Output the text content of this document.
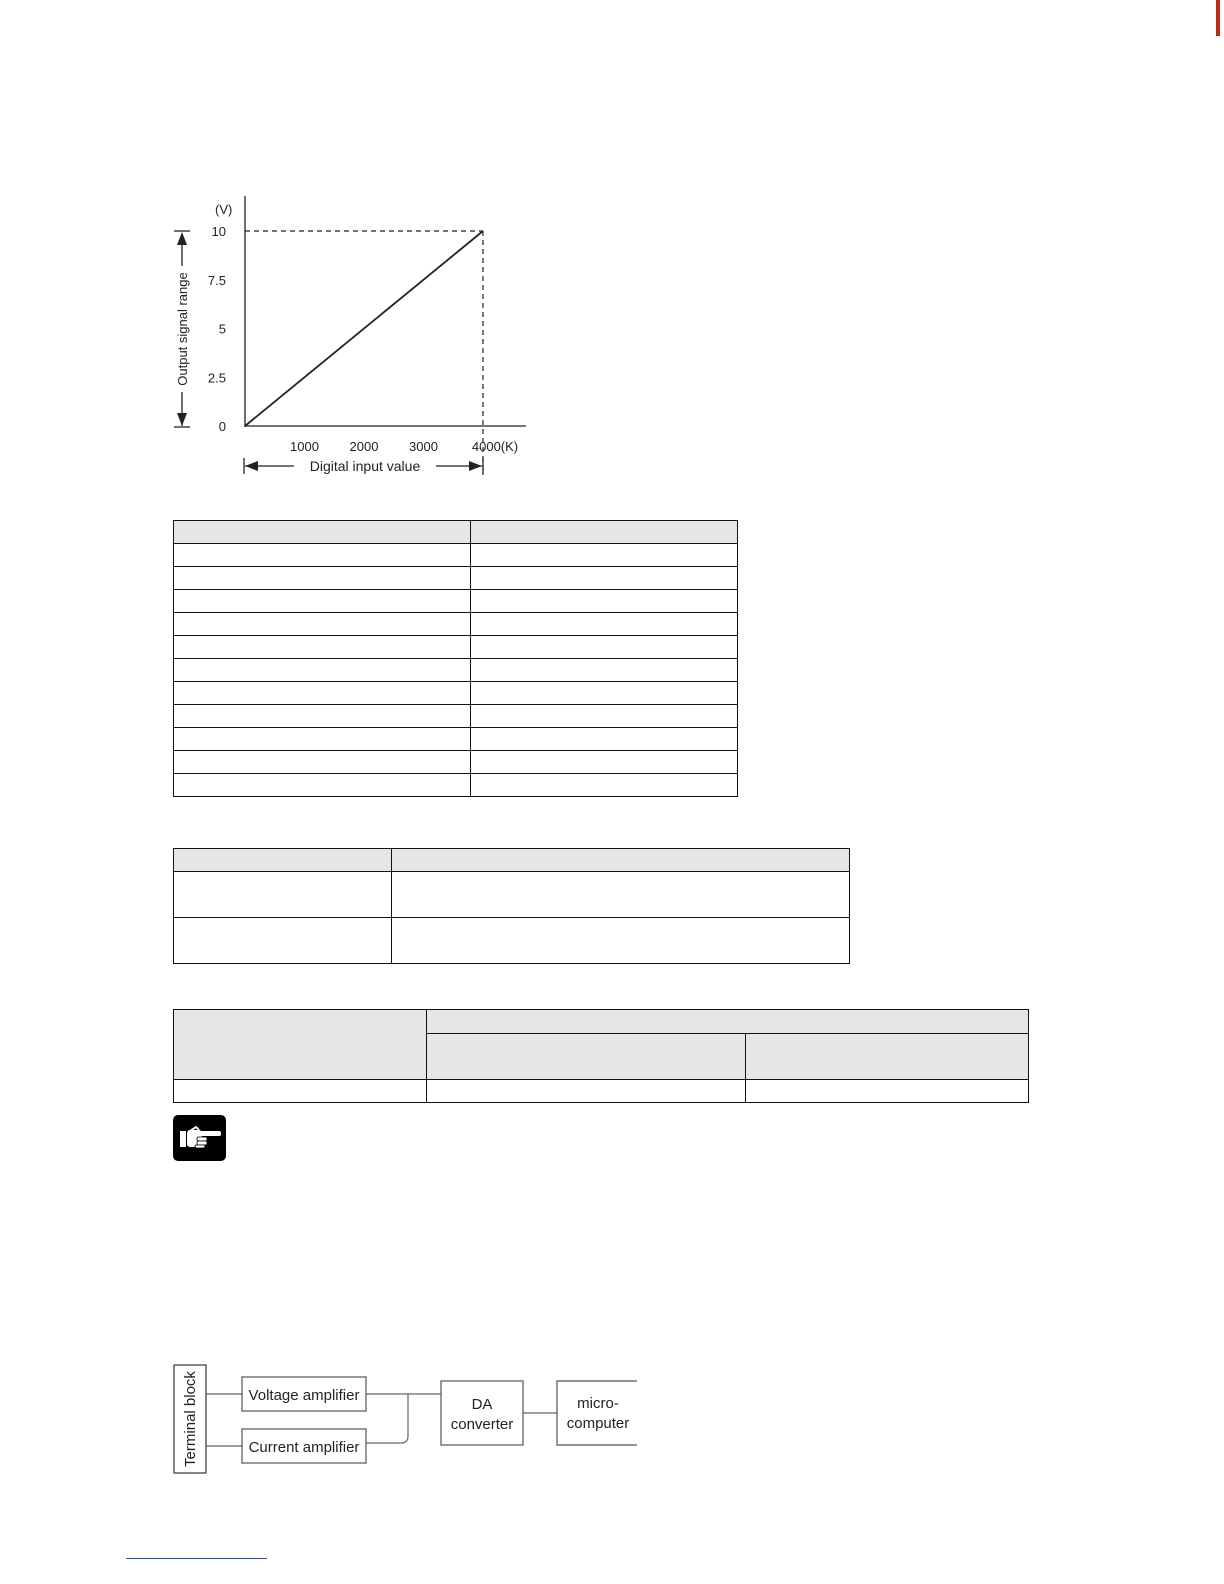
Output signal range
(V)
0
2.5
5
7.5
10
1000 2000 3000	4000(K)
Digital input value

Terminal block	Voltage amplifier
Current amplifier
DA
converter
micro-
computer
